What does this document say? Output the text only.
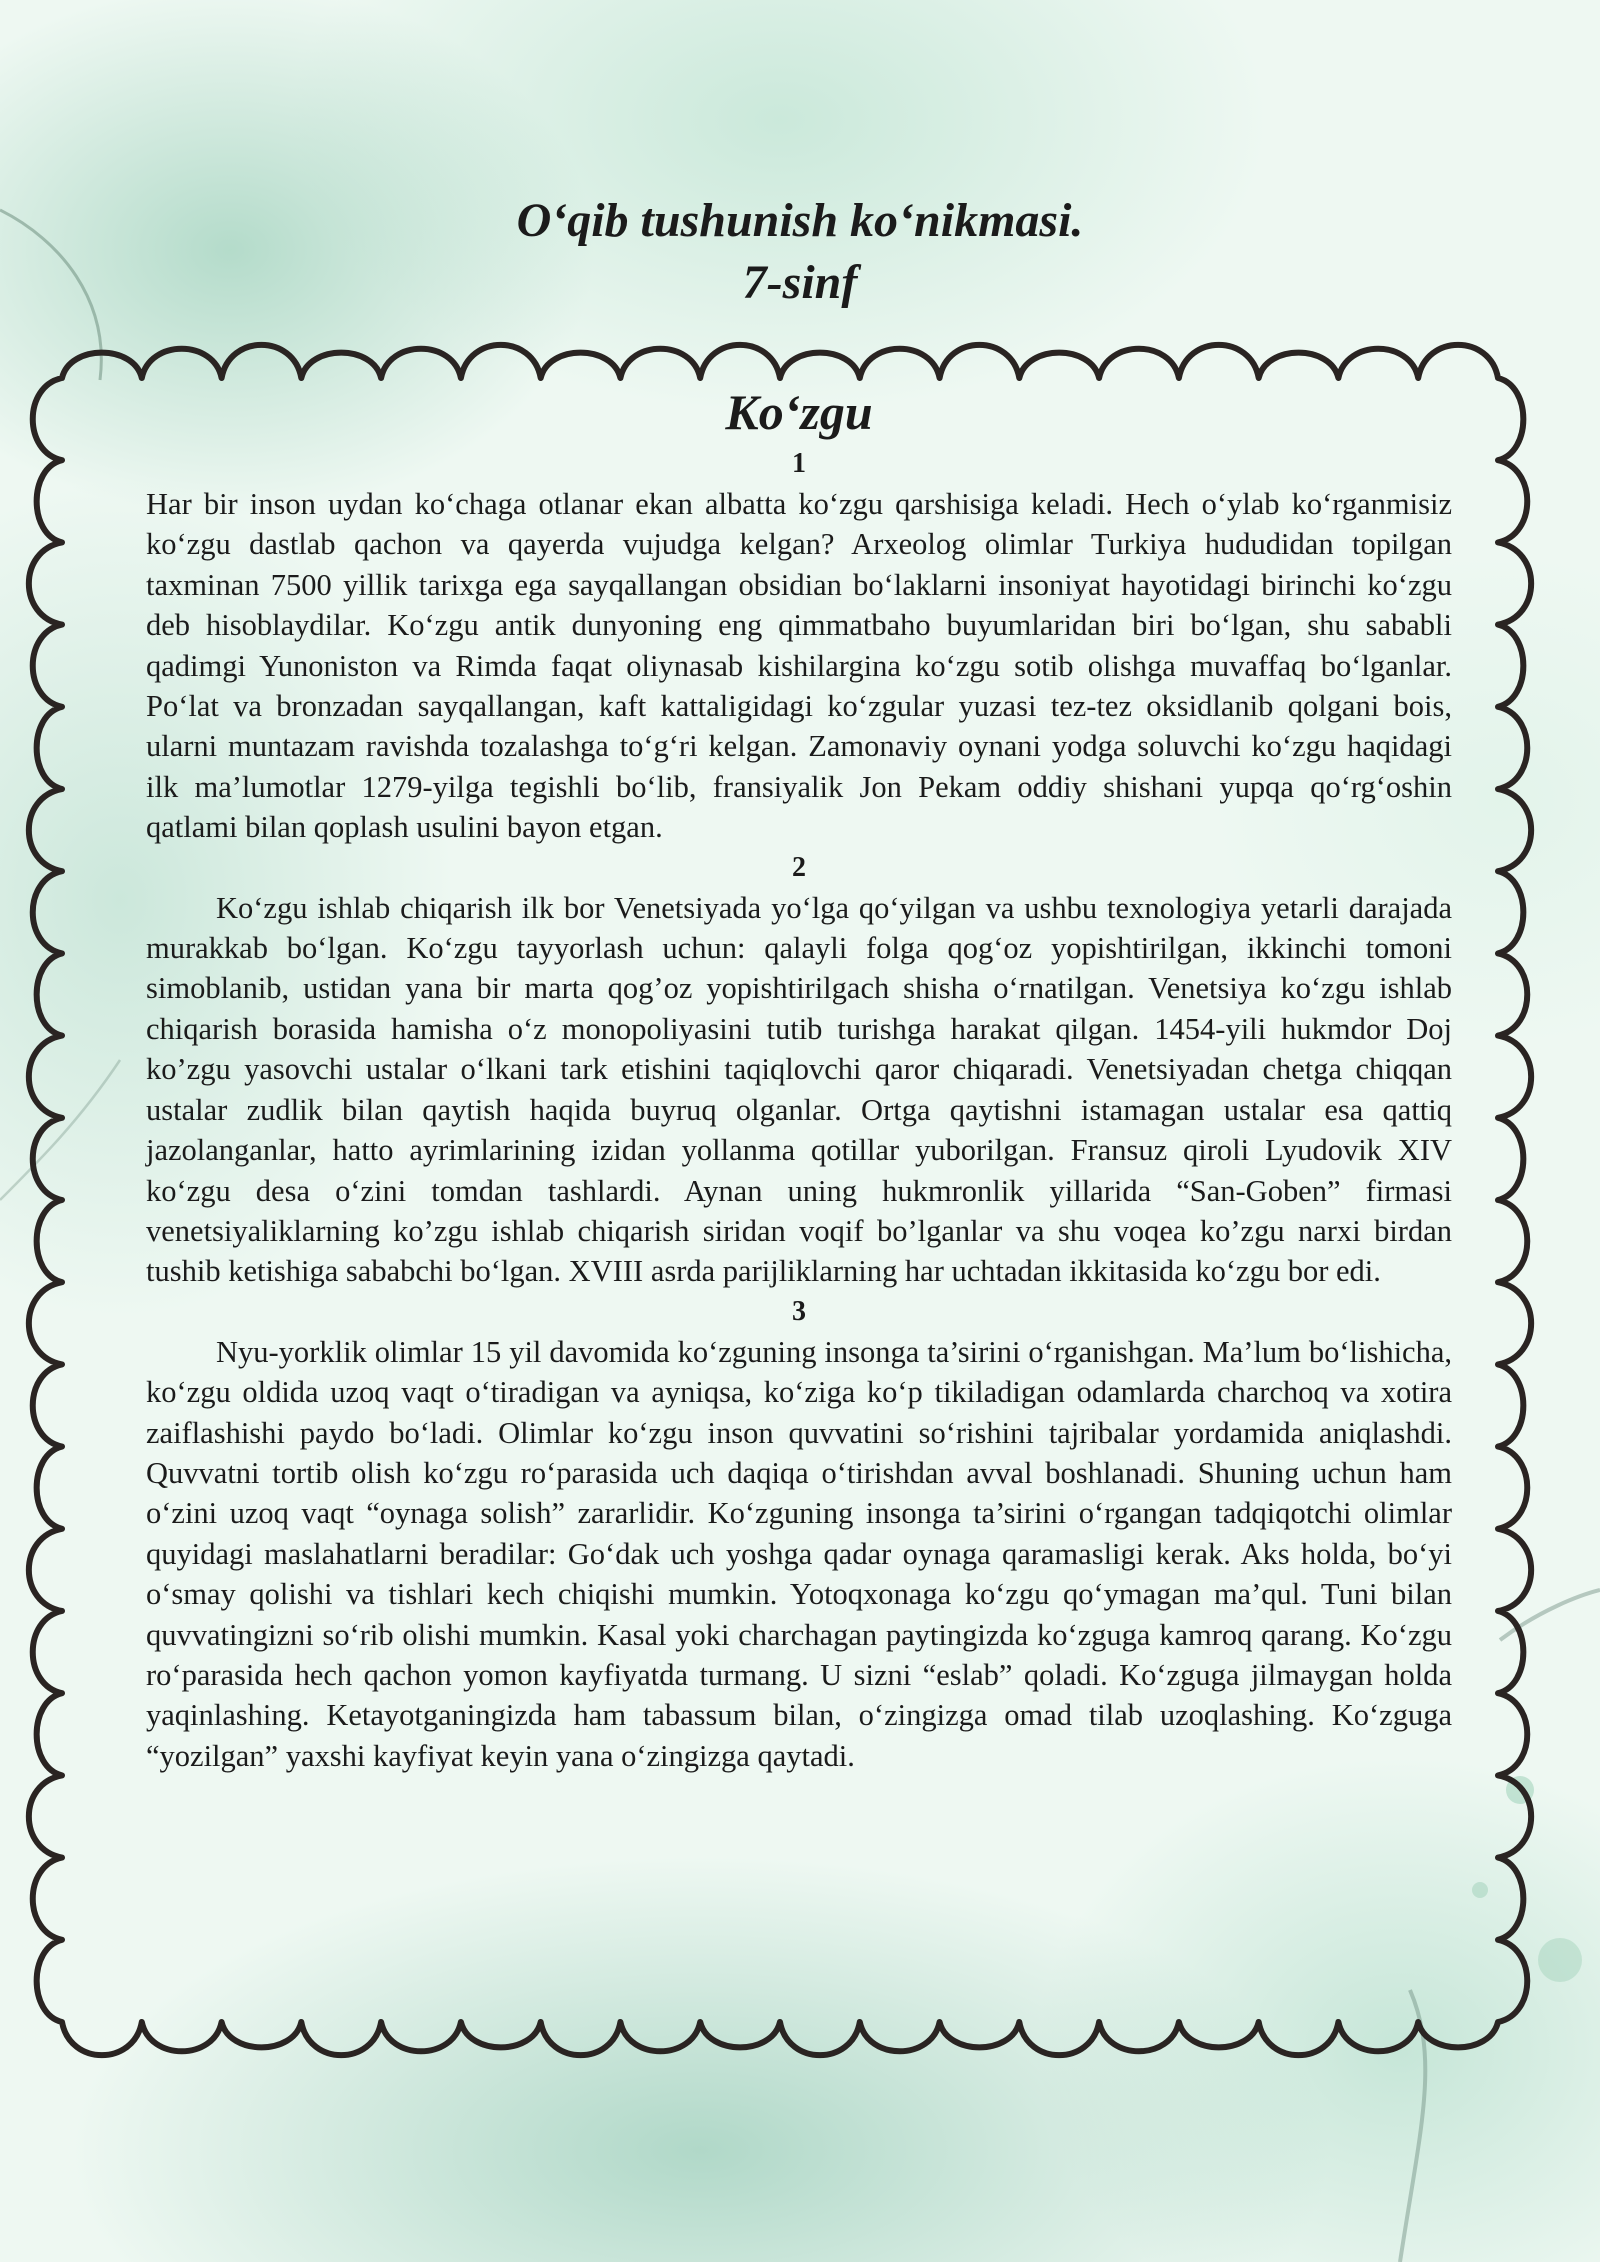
O‘qib tushunish ko‘nikmasi.
7-sinf
Ko‘zgu
1

Har bir inson uydan ko‘chaga otlanar ekan albatta ko‘zgu qarshisiga keladi. Hech o‘ylab ko‘rganmisiz ko‘zgu dastlab qachon va qayerda vujudga kelgan? Arxeolog olimlar Turkiya hududidan topilgan taxminan 7500 yillik tarixga ega sayqallangan obsidian bo‘laklarni insoniyat hayotidagi birinchi ko‘zgu deb hisoblaydilar. Ko‘zgu antik dunyoning eng qimmatbaho buyumlaridan biri bo‘lgan, shu sababli qadimgi Yunoniston va Rimda faqat oliynasab kishilargina ko‘zgu sotib olishga muvaffaq bo‘lganlar. Po‘lat va bronzadan sayqallangan, kaft kattaligidagi ko‘zgular yuzasi tez-tez oksidlanib qolgani bois, ularni muntazam ravishda tozalashga to‘g‘ri kelgan. Zamonaviy oynani yodga soluvchi ko‘zgu haqidagi ilk ma’lumotlar 1279-yilga tegishli bo‘lib, fransiyalik Jon Pekam oddiy shishani yupqa qo‘rg‘oshin qatlami bilan qoplash usulini bayon etgan.

2

Ko‘zgu ishlab chiqarish ilk bor Venetsiyada yo‘lga qo‘yilgan va ushbu texnologiya yetarli darajada murakkab bo‘lgan. Ko‘zgu tayyorlash uchun: qalayli folga qog‘oz yopishtirilgan, ikkinchi tomoni simoblanib, ustidan yana bir marta qog’oz yopishtirilgach shisha o‘rnatilgan. Venetsiya ko‘zgu ishlab chiqarish borasida hamisha o‘z monopoliyasini tutib turishga harakat qilgan. 1454-yili hukmdor Doj ko’zgu yasovchi ustalar o‘lkani tark etishini taqiqlovchi qaror chiqaradi. Venetsiyadan chetga chiqqan ustalar zudlik bilan qaytish haqida buyruq olganlar. Ortga qaytishni istamagan ustalar esa qattiq jazolanganlar, hatto ayrimlarining izidan yollanma qotillar yuborilgan. Fransuz qiroli Lyudovik XIV ko‘zgu desa o‘zini tomdan tashlardi. Aynan uning hukmronlik yillarida “San-Goben” firmasi venetsiyaliklarning ko’zgu ishlab chiqarish siridan voqif bo’lganlar va shu voqea ko’zgu narxi birdan tushib ketishiga sababchi bo‘lgan. XVIII asrda parijliklarning har uchtadan ikkitasida ko‘zgu bor edi.

3

Nyu-yorklik olimlar 15 yil davomida ko‘zguning insonga ta’sirini o‘rganishgan. Ma’lum bo‘lishicha, ko‘zgu oldida uzoq vaqt o‘tiradigan va ayniqsa, ko‘ziga ko‘p tikiladigan odamlarda charchoq va xotira zaiflashishi paydo bo‘ladi. Olimlar ko‘zgu inson quvvatini so‘rishini tajribalar yordamida aniqlashdi. Quvvatni tortib olish ko‘zgu ro‘parasida uch daqiqa o‘tirishdan avval boshlanadi. Shuning uchun ham o‘zini uzoq vaqt “oynaga solish” zararlidir. Ko‘zguning insonga ta’sirini o‘rgangan tadqiqotchi olimlar quyidagi maslahatlarni beradilar: Go‘dak uch yoshga qadar oynaga qaramasligi kerak. Aks holda, bo‘yi o‘smay qolishi va tishlari kech chiqishi mumkin. Yotoqxonaga ko‘zgu qo‘ymagan ma’qul. Tuni bilan quvvatingizni so‘rib olishi mumkin. Kasal yoki charchagan paytingizda ko‘zguga kamroq qarang. Ko‘zgu ro‘parasida hech qachon yomon kayfiyatda turmang. U sizni “eslab” qoladi. Ko‘zguga jilmaygan holda yaqinlashing. Ketayotganingizda ham tabassum bilan, o‘zingizga omad tilab uzoqlashing. Ko‘zguga “yozilgan” yaxshi kayfiyat keyin yana o‘zingizga qaytadi.
